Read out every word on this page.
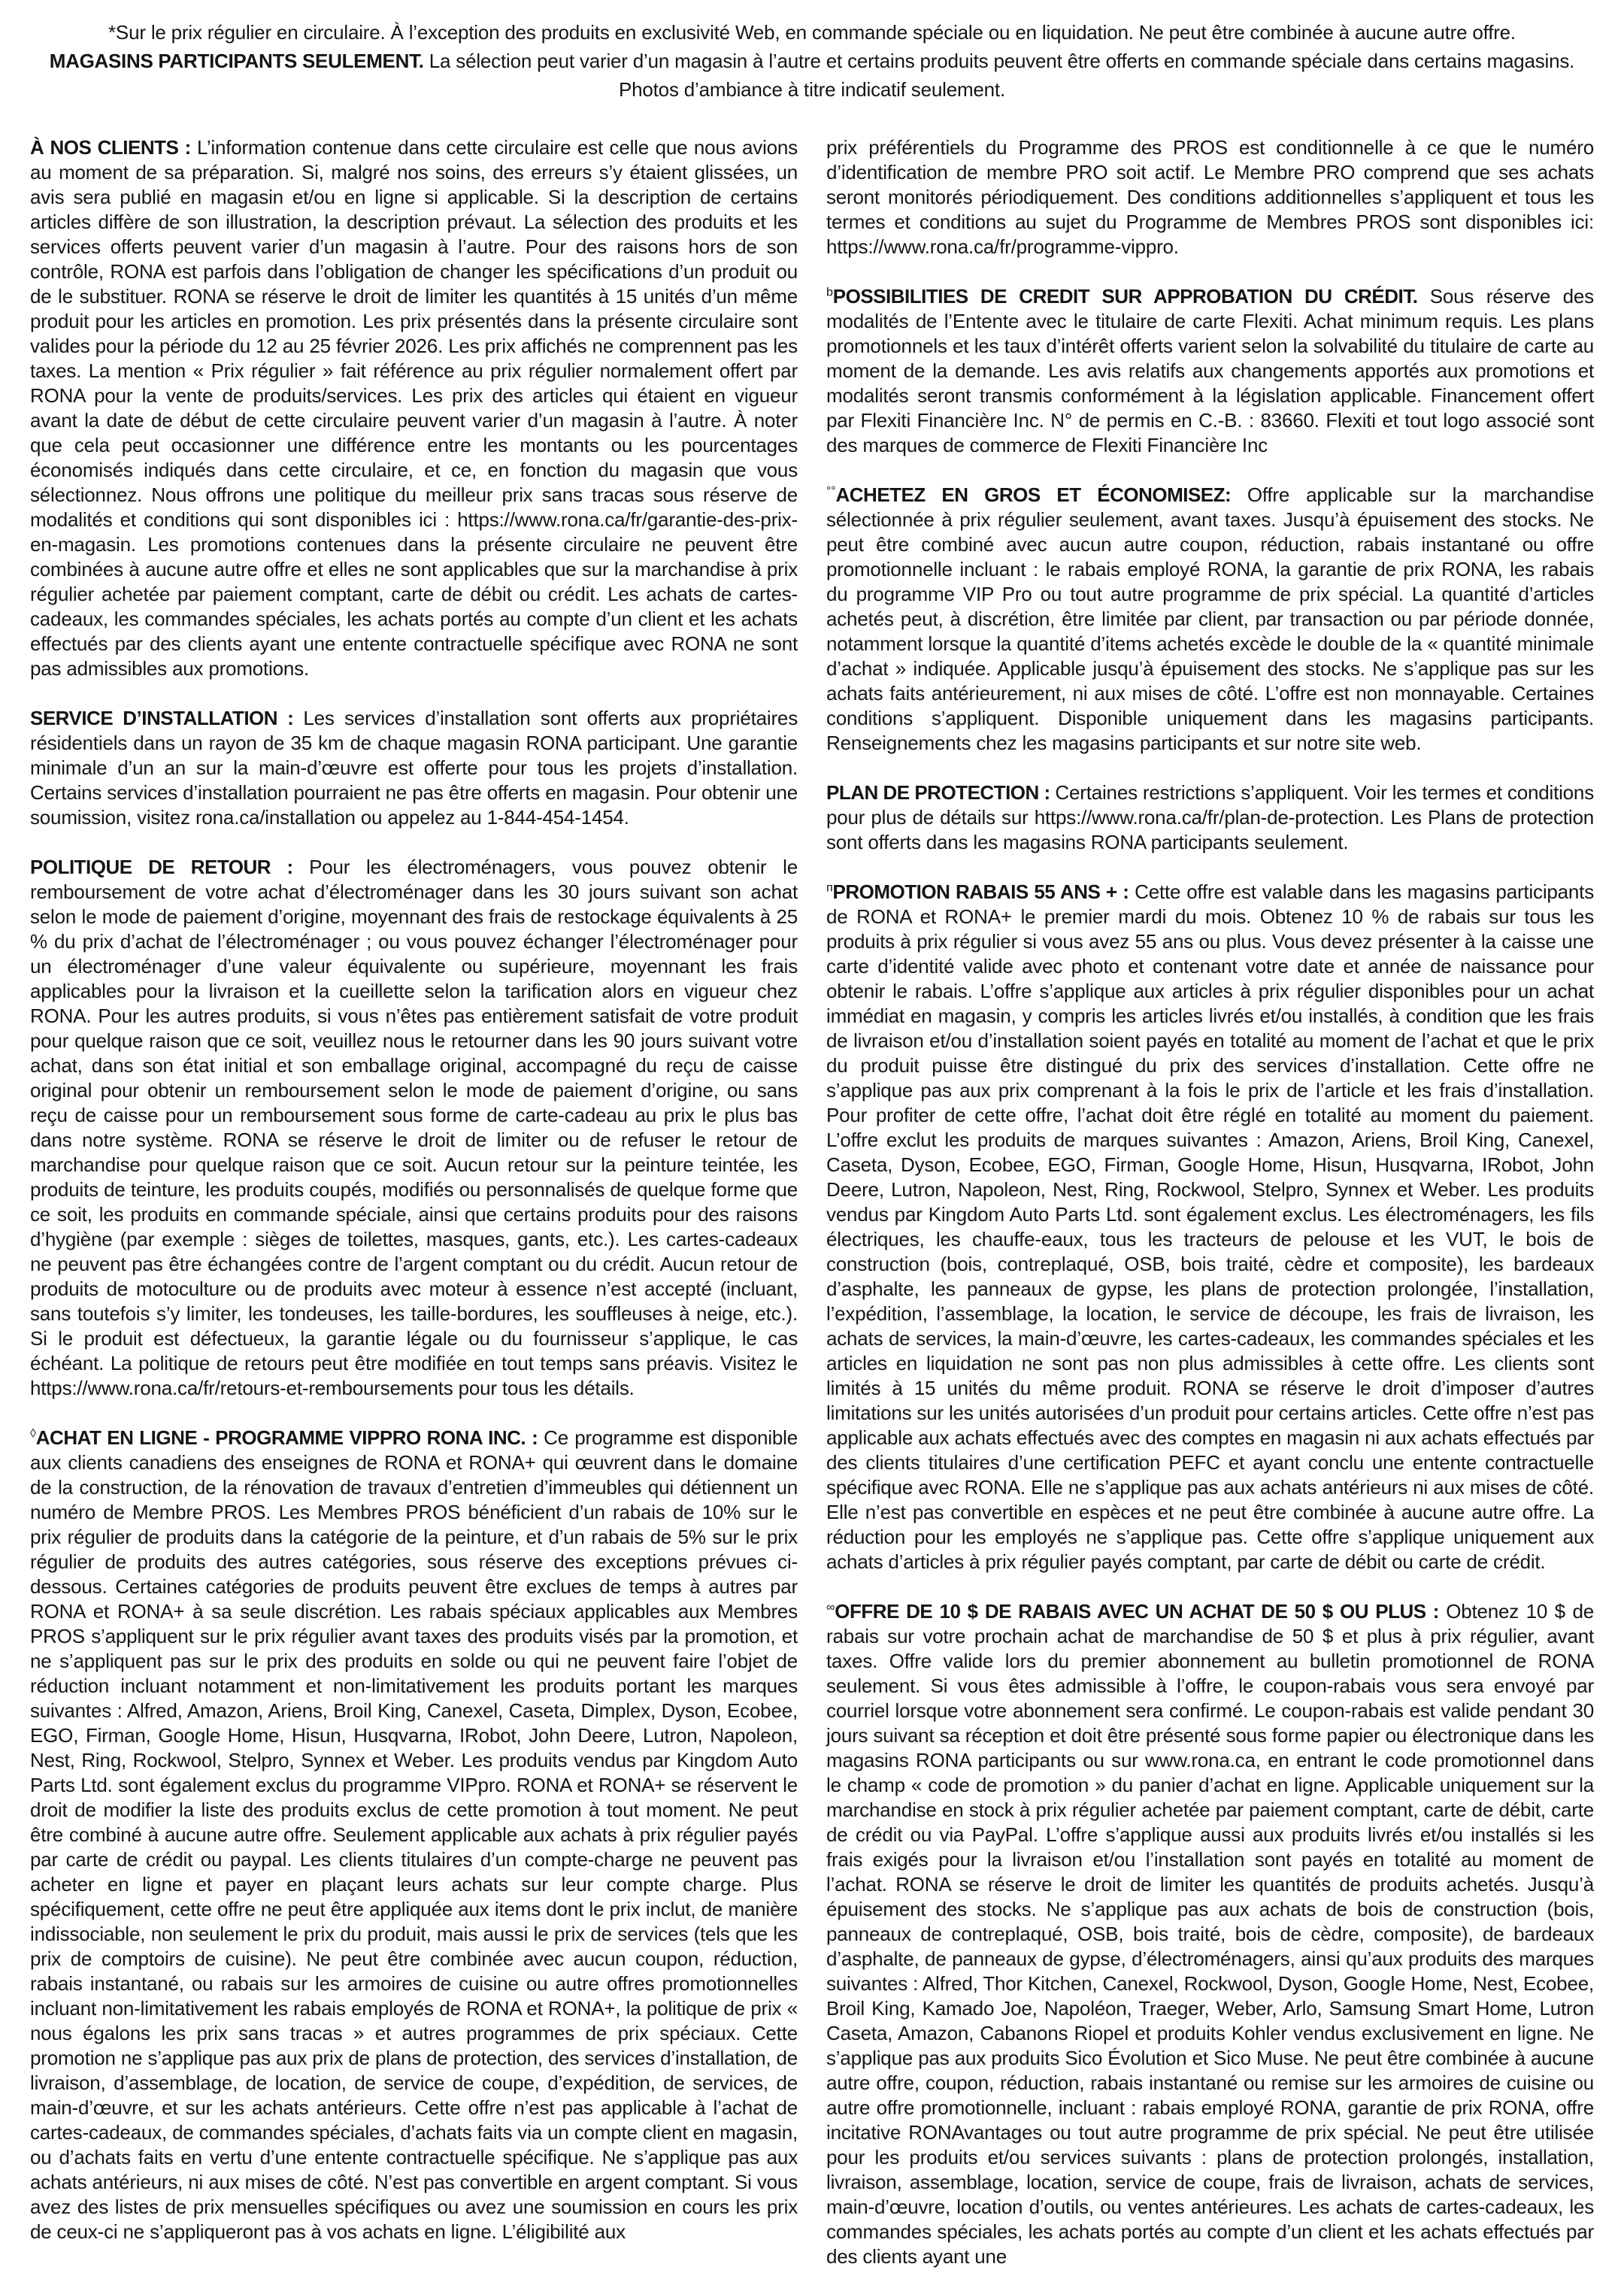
*Sur le prix régulier en circulaire. À l’exception des produits en exclusivité Web, en commande spéciale ou en liquidation. Ne peut être combinée à aucune autre offre.

MAGASINS PARTICIPANTS SEULEMENT. La sélection peut varier d’un magasin à l’autre et certains produits peuvent être offerts en commande spéciale dans certains magasins.

Photos d’ambiance à titre indicatif seulement.

À NOS CLIENTS : L’information contenue dans cette circulaire est celle que nous avions au moment de sa préparation. Si, malgré nos soins, des erreurs s’y étaient glissées, un avis sera publié en magasin et/ou en ligne si applicable. Si la description de certains articles diffère de son illustration, la description prévaut. La sélection des produits et les services offerts peuvent varier d’un magasin à l’autre. Pour des raisons hors de son contrôle, RONA est parfois dans l’obligation de changer les spécifications d’un produit ou de le substituer. RONA se réserve le droit de limiter les quantités à 15 unités d’un même produit pour les articles en promotion. Les prix présentés dans la présente circulaire sont valides pour la période du 12 au 25 février 2026. Les prix affichés ne comprennent pas les taxes. La mention « Prix régulier » fait référence au prix régulier normalement offert par RONA pour la vente de produits/services. Les prix des articles qui étaient en vigueur avant la date de début de cette circulaire peuvent varier d’un magasin à l’autre. À noter que cela peut occasionner une différence entre les montants ou les pourcentages économisés indiqués dans cette circulaire, et ce, en fonction du magasin que vous sélectionnez. Nous offrons une politique du meilleur prix sans tracas sous réserve de modalités et conditions qui sont disponibles ici : https://www.rona.ca/fr/garantie-des-prix-en-magasin. Les promotions contenues dans la présente circulaire ne peuvent être combinées à aucune autre offre et elles ne sont applicables que sur la marchandise à prix régulier achetée par paiement comptant, carte de débit ou crédit. Les achats de cartes-cadeaux, les commandes spéciales, les achats portés au compte d’un client et les achats effectués par des clients ayant une entente contractuelle spécifique avec RONA ne sont pas admissibles aux promotions.

SERVICE D’INSTALLATION : Les services d’installation sont offerts aux propriétaires résidentiels dans un rayon de 35 km de chaque magasin RONA participant. Une garantie minimale d’un an sur la main-d’œuvre est offerte pour tous les projets d’installation. Certains services d’installation pourraient ne pas être offerts en magasin. Pour obtenir une soumission, visitez rona.ca/installation ou appelez au 1-844-454-1454.

POLITIQUE DE RETOUR : Pour les électroménagers, vous pouvez obtenir le remboursement de votre achat d’électroménager dans les 30 jours suivant son achat selon le mode de paiement d’origine, moyennant des frais de restockage équivalents à 25 % du prix d’achat de l’électroménager ; ou vous pouvez échanger l’électroménager pour un électroménager d’une valeur équivalente ou supérieure, moyennant les frais applicables pour la livraison et la cueillette selon la tarification alors en vigueur chez RONA. Pour les autres produits, si vous n’êtes pas entièrement satisfait de votre produit pour quelque raison que ce soit, veuillez nous le retourner dans les 90 jours suivant votre achat, dans son état initial et son emballage original, accompagné du reçu de caisse original pour obtenir un remboursement selon le mode de paiement d’origine, ou sans reçu de caisse pour un remboursement sous forme de carte-cadeau au prix le plus bas dans notre système. RONA se réserve le droit de limiter ou de refuser le retour de marchandise pour quelque raison que ce soit. Aucun retour sur la peinture teintée, les produits de teinture, les produits coupés, modifiés ou personnalisés de quelque forme que ce soit, les produits en commande spéciale, ainsi que certains produits pour des raisons d’hygiène (par exemple : sièges de toilettes, masques, gants, etc.). Les cartes-cadeaux ne peuvent pas être échangées contre de l’argent comptant ou du crédit. Aucun retour de produits de motoculture ou de produits avec moteur à essence n’est accepté (incluant, sans toutefois s’y limiter, les tondeuses, les taille-bordures, les souffleuses à neige, etc.). Si le produit est défectueux, la garantie légale ou du fournisseur s’applique, le cas échéant. La politique de retours peut être modifiée en tout temps sans préavis. Visitez le https://www.rona.ca/fr/retours-et-remboursements pour tous les détails.

◊ACHAT EN LIGNE - PROGRAMME VIPPRO RONA INC. : Ce programme est disponible aux clients canadiens des enseignes de RONA et RONA+ qui œuvrent dans le domaine de la construction, de la rénovation de travaux d’entretien d’immeubles qui détiennent un numéro de Membre PROS. Les Membres PROS bénéficient d’un rabais de 10% sur le prix régulier de produits dans la catégorie de la peinture, et d’un rabais de 5% sur le prix régulier de produits des autres catégories, sous réserve des exceptions prévues ci-dessous. Certaines catégories de produits peuvent être exclues de temps à autres par RONA et RONA+ à sa seule discrétion. Les rabais spéciaux applicables aux Membres PROS s’appliquent sur le prix régulier avant taxes des produits visés par la promotion, et ne s’appliquent pas sur le prix des produits en solde ou qui ne peuvent faire l’objet de réduction incluant notamment et non-limitativement les produits portant les marques suivantes : Alfred, Amazon, Ariens, Broil King, Canexel, Caseta, Dimplex, Dyson, Ecobee, EGO, Firman, Google Home, Hisun, Husqvarna, IRobot, John Deere, Lutron, Napoleon, Nest, Ring, Rockwool, Stelpro, Synnex et Weber. Les produits vendus par Kingdom Auto Parts Ltd. sont également exclus du programme VIPpro. RONA et RONA+ se réservent le droit de modifier la liste des produits exclus de cette promotion à tout moment. Ne peut être combiné à aucune autre offre. Seulement applicable aux achats à prix régulier payés par carte de crédit ou paypal. Les clients titulaires d’un compte-charge ne peuvent pas acheter en ligne et payer en plaçant leurs achats sur leur compte charge. Plus spécifiquement, cette offre ne peut être appliquée aux items dont le prix inclut, de manière indissociable, non seulement le prix du produit, mais aussi le prix de services (tels que les prix de comptoirs de cuisine). Ne peut être combinée avec aucun coupon, réduction, rabais instantané, ou rabais sur les armoires de cuisine ou autre offres promotionnelles incluant non-limitativement les rabais employés de RONA et RONA+, la politique de prix « nous égalons les prix sans tracas » et autres programmes de prix spéciaux. Cette promotion ne s’applique pas aux prix de plans de protection, des services d’installation, de livraison, d’assemblage, de location, de service de coupe, d’expédition, de services, de main-d’œuvre, et sur les achats antérieurs. Cette offre n’est pas applicable à l’achat de cartes-cadeaux, de commandes spéciales, d’achats faits via un compte client en magasin, ou d’achats faits en vertu d’une entente contractuelle spécifique. Ne s’applique pas aux achats antérieurs, ni aux mises de côté. N’est pas convertible en argent comptant. Si vous avez des listes de prix mensuelles spécifiques ou avez une soumission en cours les prix de ceux-ci ne s’appliqueront pas à vos achats en ligne. L’éligibilité aux

prix préférentiels du Programme des PROS est conditionnelle à ce que le numéro d’identification de membre PRO soit actif. Le Membre PRO comprend que ses achats seront monitorés périodiquement. Des conditions additionnelles s’appliquent et tous les termes et conditions au sujet du Programme de Membres PROS sont disponibles ici: https://www.rona.ca/fr/programme-vippro.

$^b$POSSIBILITIES DE CREDIT SUR APPROBATION DU CRÉDIT. Sous réserve des modalités de l’Entente avec le titulaire de carte Flexiti. Achat minimum requis. Les plans promotionnels et les taux d’intérêt offerts varient selon la solvabilité du titulaire de carte au moment de la demande. Les avis relatifs aux changements apportés aux promotions et modalités seront transmis conformément à la législation applicable. Financement offert par Flexiti Financière Inc. N° de permis en C.-B. : 83660. Flexiti et tout logo associé sont des marques de commerce de Flexiti Financière Inc

°°ACHETEZ EN GROS ET ÉCONOMISEZ: Offre applicable sur la marchandise sélectionnée à prix régulier seulement, avant taxes. Jusqu’à épuisement des stocks. Ne peut être combiné avec aucun autre coupon, réduction, rabais instantané ou offre promotionnelle incluant : le rabais employé RONA, la garantie de prix RONA, les rabais du programme VIP Pro ou tout autre programme de prix spécial. La quantité d’articles achetés peut, à discrétion, être limitée par client, par transaction ou par période donnée, notamment lorsque la quantité d’items achetés excède le double de la « quantité minimale d’achat » indiquée. Applicable jusqu’à épuisement des stocks. Ne s’applique pas sur les achats faits antérieurement, ni aux mises de côté. L’offre est non monnayable. Certaines conditions s’appliquent. Disponible uniquement dans les magasins participants. Renseignements chez les magasins participants et sur notre site web.

PLAN DE PROTECTION : Certaines restrictions s’appliquent. Voir les termes et conditions pour plus de détails sur https://www.rona.ca/fr/plan-de-protection. Les Plans de protection sont offerts dans les magasins RONA participants seulement.

$^ᴨ$PROMOTION RABAIS 55 ANS + : Cette offre est valable dans les magasins participants de RONA et RONA+ le premier mardi du mois. Obtenez 10 % de rabais sur tous les produits à prix régulier si vous avez 55 ans ou plus. Vous devez présenter à la caisse une carte d’identité valide avec photo et contenant votre date et année de naissance pour obtenir le rabais. L’offre s’applique aux articles à prix régulier disponibles pour un achat immédiat en magasin, y compris les articles livrés et/ou installés, à condition que les frais de livraison et/ou d’installation soient payés en totalité au moment de l’achat et que le prix du produit puisse être distingué du prix des services d’installation. Cette offre ne s’applique pas aux prix comprenant à la fois le prix de l’article et les frais d’installation. Pour profiter de cette offre, l’achat doit être réglé en totalité au moment du paiement. L’offre exclut les produits de marques suivantes : Amazon, Ariens, Broil King, Canexel, Caseta, Dyson, Ecobee, EGO, Firman, Google Home, Hisun, Husqvarna, IRobot, John Deere, Lutron, Napoleon, Nest, Ring, Rockwool, Stelpro, Synnex et Weber. Les produits vendus par Kingdom Auto Parts Ltd. sont également exclus. Les électroménagers, les fils électriques, les chauffe-eaux, tous les tracteurs de pelouse et les VUT, le bois de construction (bois, contreplaqué, OSB, bois traité, cèdre et composite), les bardeaux d’asphalte, les panneaux de gypse, les plans de protection prolongée, l’installation, l’expédition, l’assemblage, la location, le service de découpe, les frais de livraison, les achats de services, la main-d’œuvre, les cartes-cadeaux, les commandes spéciales et les articles en liquidation ne sont pas non plus admissibles à cette offre. Les clients sont limités à 15 unités du même produit. RONA se réserve le droit d’imposer d’autres limitations sur les unités autorisées d’un produit pour certains articles. Cette offre n’est pas applicable aux achats effectués avec des comptes en magasin ni aux achats effectués par des clients titulaires d’une certification PEFC et ayant conclu une entente contractuelle spécifique avec RONA. Elle ne s’applique pas aux achats antérieurs ni aux mises de côté. Elle n’est pas convertible en espèces et ne peut être combinée à aucune autre offre. La réduction pour les employés ne s’applique pas. Cette offre s’applique uniquement aux achats d’articles à prix régulier payés comptant, par carte de débit ou carte de crédit.

∞OFFRE DE 10 $ DE RABAIS AVEC UN ACHAT DE 50 $ OU PLUS : Obtenez 10 $ de rabais sur votre prochain achat de marchandise de 50 $ et plus à prix régulier, avant taxes. Offre valide lors du premier abonnement au bulletin promotionnel de RONA seulement. Si vous êtes admissible à l’offre, le coupon-rabais vous sera envoyé par courriel lorsque votre abonnement sera confirmé. Le coupon-rabais est valide pendant 30 jours suivant sa réception et doit être présenté sous forme papier ou électronique dans les magasins RONA participants ou sur www.rona.ca, en entrant le code promotionnel dans le champ « code de promotion » du panier d’achat en ligne. Applicable uniquement sur la marchandise en stock à prix régulier achetée par paiement comptant, carte de débit, carte de crédit ou via PayPal. L’offre s’applique aussi aux produits livrés et/ou installés si les frais exigés pour la livraison et/ou l’installation sont payés en totalité au moment de l’achat. RONA se réserve le droit de limiter les quantités de produits achetés. Jusqu’à épuisement des stocks. Ne s’applique pas aux achats de bois de construction (bois, panneaux de contreplaqué, OSB, bois traité, bois de cèdre, composite), de bardeaux d’asphalte, de panneaux de gypse, d’électroménagers, ainsi qu’aux produits des marques suivantes : Alfred, Thor Kitchen, Canexel, Rockwool, Dyson, Google Home, Nest, Ecobee, Broil King, Kamado Joe, Napoléon, Traeger, Weber, Arlo, Samsung Smart Home, Lutron Caseta, Amazon, Cabanons Riopel et produits Kohler vendus exclusivement en ligne. Ne s’applique pas aux produits Sico Évolution et Sico Muse. Ne peut être combinée à aucune autre offre, coupon, réduction, rabais instantané ou remise sur les armoires de cuisine ou autre offre promotionnelle, incluant : rabais employé RONA, garantie de prix RONA, offre incitative RONAvantages ou tout autre programme de prix spécial. Ne peut être utilisée pour les produits et/ou services suivants : plans de protection prolongés, installation, livraison, assemblage, location, service de coupe, frais de livraison, achats de services, main-d’œuvre, location d’outils, ou ventes antérieures. Les achats de cartes-cadeaux, les commandes spéciales, les achats portés au compte d’un client et les achats effectués par des clients ayant une
